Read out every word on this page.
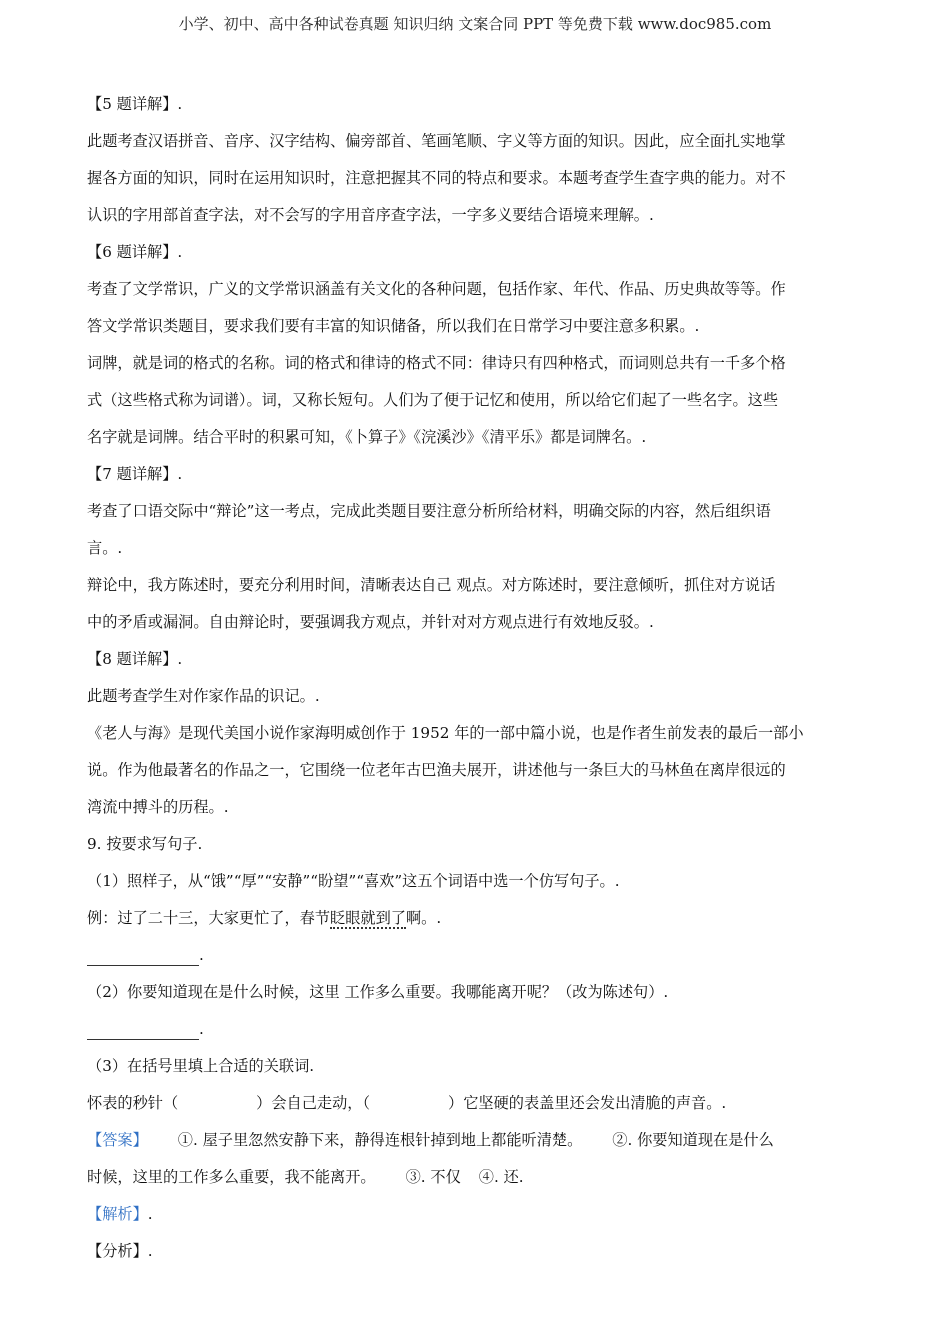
小学、初中、高中各种试卷真题 知识归纳 文案合同 PPT 等免费下载 www.doc985.com
【5 题详解】.
此题考查汉语拼音、音序、汉字结构、偏旁部首、笔画笔顺、字义等方面的知识。因此，应全面扎实地掌
握各方面的知识，同时在运用知识时，注意把握其不同的特点和要求。本题考查学生查字典的能力。对不
认识的字用部首查字法，对不会写的字用音序查字法，一字多义要结合语境来理解。.
【6 题详解】.
考查了文学常识，广义的文学常识涵盖有关文化的各种问题，包括作家、年代、作品、历史典故等等。作
答文学常识类题目，要求我们要有丰富的知识储备，所以我们在日常学习中要注意多积累。.
词牌，就是词的格式的名称。词的格式和律诗的格式不同：律诗只有四种格式，而词则总共有一千多个格
式（这些格式称为词谱）。词，又称长短句。人们为了便于记忆和使用，所以给它们起了一些名字。这些
名字就是词牌。结合平时的积累可知，《卜算子》《浣溪沙》《清平乐》都是词牌名。.
【7 题详解】.
考查了口语交际中“辩论”这一考点，完成此类题目要注意分析所给材料，明确交际的内容，然后组织语
言。.
辩论中，我方陈述时，要充分利用时间，清晰表达自己 观点。对方陈述时，要注意倾听，抓住对方说话
中的矛盾或漏洞。自由辩论时，要强调我方观点，并针对对方观点进行有效地反驳。.
【8 题详解】.
此题考查学生对作家作品的识记。.
《老人与海》是现代美国小说作家海明威创作于 1952 年的一部中篇小说，也是作者生前发表的最后一部小
说。作为他最著名的作品之一，它围绕一位老年古巴渔夫展开，讲述他与一条巨大的马林鱼在离岸很远的
湾流中搏斗的历程。.
9. 按要求写句子.
（1）照样子，从“饿”“厚”“安静”“盼望”“喜欢”这五个词语中选一个仿写句子。.
例：过了二十三，大家更忙了，春节眨眼就到了啊。.
.
（2）你要知道现在是什么时候，这里 工作多么重要。我哪能离开呢？（改为陈述句）.
.
（3）在括号里填上合适的关联词.
怀表的秒针（	）会自己走动，（	）它坚硬的表盖里还会发出清脆的声音。.
【答案】 ①. 屋子里忽然安静下来，静得连根针掉到地上都能听清楚。 ②. 你要知道现在是什么
时候，这里的工作多么重要，我不能离开。 ③. 不仅 ④. 还.
【解析】.
【分析】.
